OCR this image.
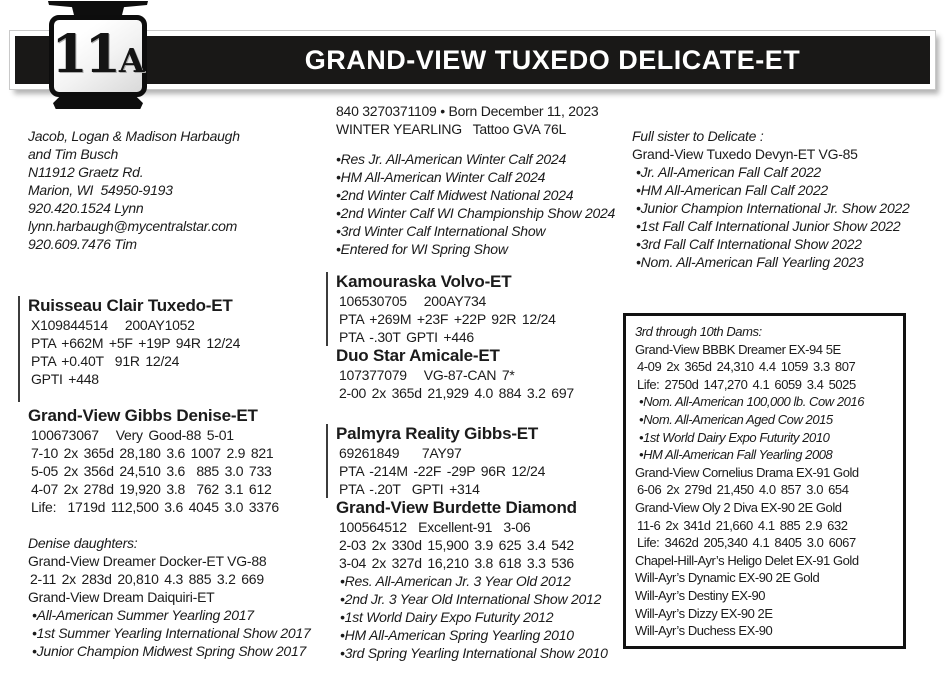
GRAND-VIEW TUXEDO DELICATE-ET
11 A
Jacob, Logan & Madison Harbaugh
and Tim Busch
N11912 Graetz Rd.
Marion, WI  54950-9193
920.420.1524 Lynn
lynn.harbaugh@mycentralstar.com
920.609.7476 Tim
Ruisseau Clair Tuxedo-ET
X109844514   200AY1052
PTA +662M +5F +19P 94R 12/24
PTA +0.40T  91R 12/24
GPTI +448
Grand-View Gibbs Denise-ET
100673067   Very Good-88 5-01
7-10 2x 365d 28,180 3.6 1007 2.9 821
5-05 2x 356d 24,510 3.6  885 3.0 733
4-07 2x 278d 19,920 3.8  762 3.1 612
Life:  1719d 112,500 3.6 4045 3.0 3376
Denise daughters:
Grand-View Dreamer Docker-ET VG-88
2-11 2x 283d 20,810 4.3 885 3.2 669
Grand-View Dream Daiquiri-ET
•All-American Summer Yearling 2017
•1st Summer Yearling International Show 2017
•Junior Champion Midwest Spring Show 2017
840 3270371109 • Born December 11, 2023
WINTER YEARLING   Tattoo GVA 76L
•Res Jr. All-American Winter Calf 2024
•HM All-American Winter Calf 2024
•2nd Winter Calf Midwest National 2024
•2nd Winter Calf WI Championship Show 2024
•3rd Winter Calf International Show
•Entered for WI Spring Show
Kamouraska Volvo-ET
106530705   200AY734
PTA +269M +23F +22P 92R 12/24
PTA -.30T GPTI +446
Duo Star Amicale-ET
107377079   VG-87-CAN 7*
2-00 2x 365d 21,929 4.0 884 3.2 697
Palmyra Reality Gibbs-ET
69261849    7AY97
PTA -214M -22F -29P 96R 12/24
PTA -.20T  GPTI +314
Grand-View Burdette Diamond
100564512  Excellent-91  3-06
2-03 2x 330d 15,900 3.9 625 3.4 542
3-04 2x 327d 16,210 3.8 618 3.3 536
•Res. All-American Jr. 3 Year Old 2012
•2nd Jr. 3 Year Old International Show 2012
•1st World Dairy Expo Futurity 2012
•HM All-American Spring Yearling 2010
•3rd Spring Yearling International Show 2010
Full sister to Delicate :
Grand-View Tuxedo Devyn-ET VG-85
•Jr. All-American Fall Calf 2022
•HM All-American Fall Calf 2022
•Junior Champion International Jr. Show 2022
•1st Fall Calf International Junior Show 2022
•3rd Fall Calf International Show 2022
•Nom. All-American Fall Yearling 2023
3rd through 10th Dams:
Grand-View BBBK Dreamer EX-94 5E
4-09 2x 365d 24,310 4.4 1059 3.3 807
Life: 2750d 147,270 4.1 6059 3.4 5025
•Nom. All-American 100,000 lb. Cow 2016
•Nom. All-American Aged Cow 2015
•1st World Dairy Expo Futurity 2010
•HM All-American Fall Yearling 2008
Grand-View Cornelius Drama EX-91 Gold
6-06 2x 279d 21,450 4.0 857 3.0 654
Grand-View Oly 2 Diva EX-90 2E Gold
11-6 2x 341d 21,660 4.1 885 2.9 632
Life: 3462d 205,340 4.1 8405 3.0 6067
Chapel-Hill-Ayr’s Heligo Delet EX-91 Gold
Will-Ayr’s Dynamic EX-90 2E Gold
Will-Ayr’s Destiny EX-90
Will-Ayr’s Dizzy EX-90 2E
Will-Ayr’s Duchess EX-90
